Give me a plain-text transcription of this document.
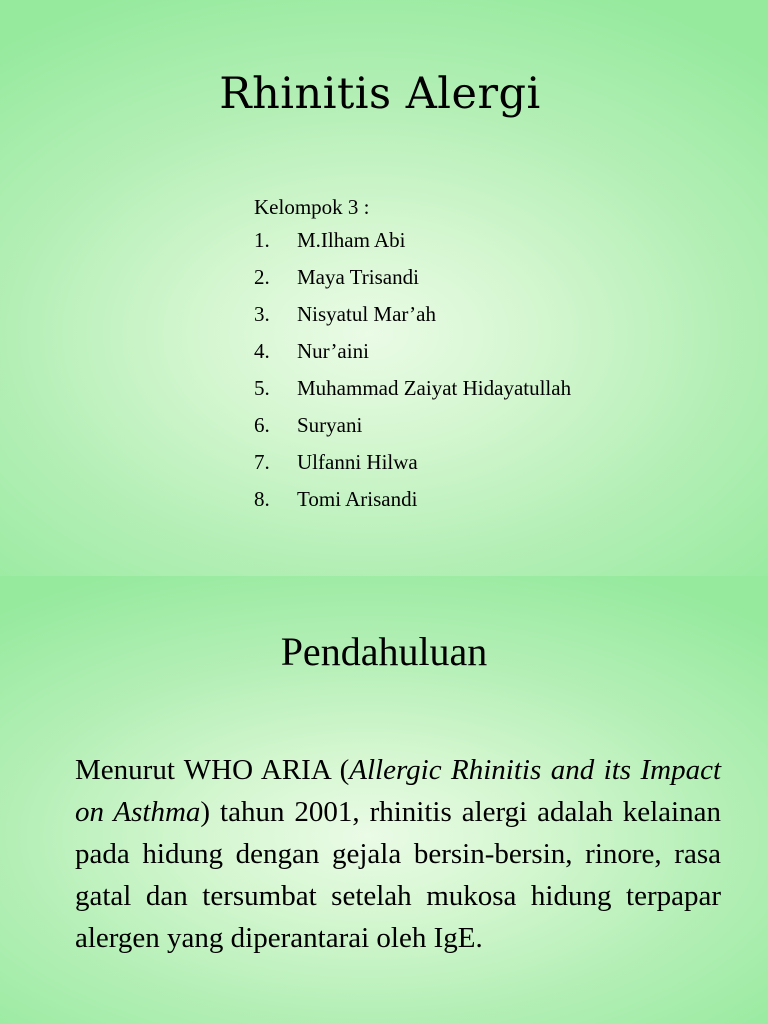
Rhinitis Alergi
Kelompok 3 :
1. M.Ilham Abi
2. Maya Trisandi
3. Nisyatul Mar’ah
4. Nur’aini
5. Muhammad Zaiyat Hidayatullah
6. Suryani
7. Ulfanni Hilwa
8. Tomi Arisandi
Pendahuluan

Menurut WHO ARIA (Allergic Rhinitis and its Impact on Asthma) tahun 2001, rhinitis alergi adalah kelainan pada hidung dengan gejala bersin-bersin, rinore, rasa gatal dan tersumbat setelah mukosa hidung terpapar alergen yang diperantarai oleh IgE.
